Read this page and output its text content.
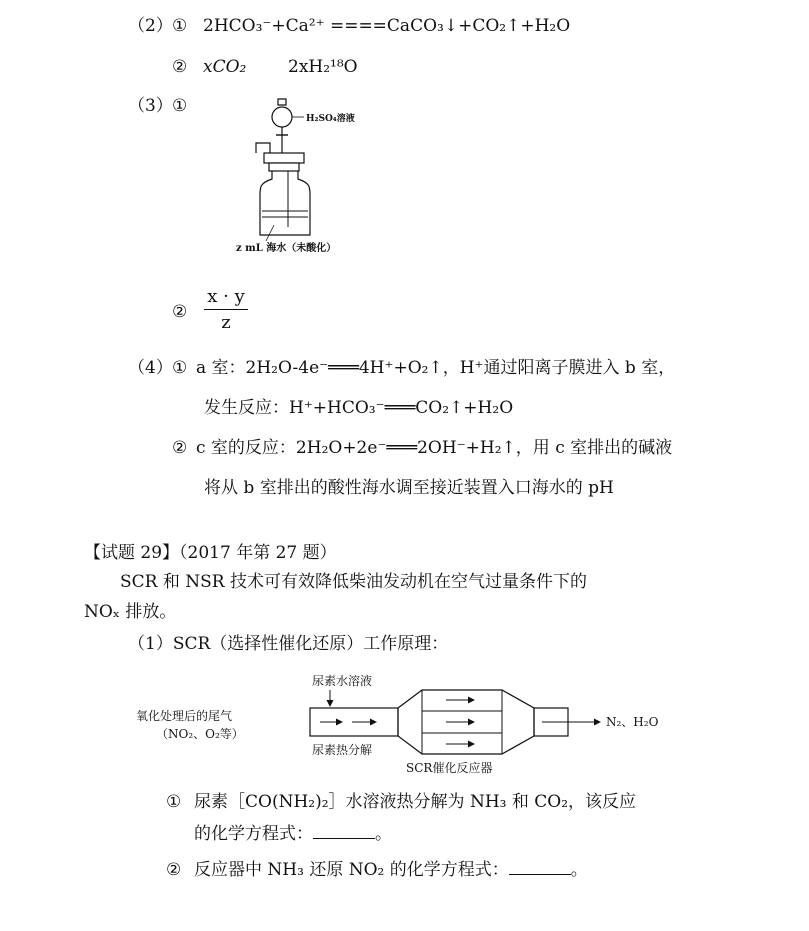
（2） ① 2HCO₃⁻+Ca²⁺ ====CaCO₃↓+CO₂↑+H₂O
② xCO₂ 2xH₂¹⁸O
（3） ①
H₂SO₄溶液
z mL 海水（未酸化）
②
x · y
z
（4） ① a 室：2H₂O-4e⁻═══4H⁺+O₂↑，H⁺通过阳离子膜进入 b 室，
发生反应：H⁺+HCO₃⁻═══CO₂↑+H₂O
② c 室的反应：2H₂O+2e⁻═══2OH⁻+H₂↑，用 c 室排出的碱液
将从 b 室排出的酸性海水调至接近装置入口海水的 pH
【试题 29】（2017 年第 27 题）
SCR 和 NSR 技术可有效降低柴油发动机在空气过量条件下的
NOₓ 排放。
（1）SCR（选择性催化还原）工作原理：
氧化处理后的尾气
（NO₂、O₂等）
尿素水溶液
尿素热分解
SCR催化反应器
N₂、H₂O
① 尿素［CO(NH₂)₂］水溶液热分解为 NH₃ 和 CO₂，该反应
的化学方程式：	。
② 反应器中 NH₃ 还原 NO₂ 的化学方程式：	。
